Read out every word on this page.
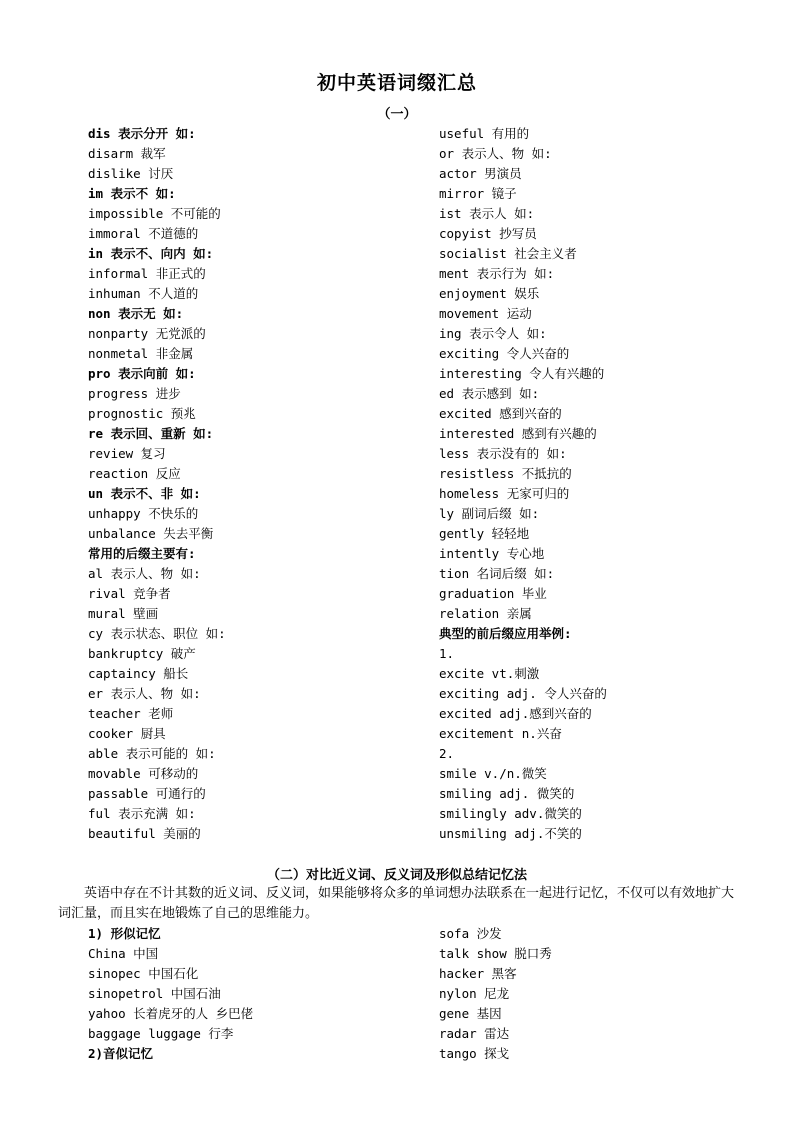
初中英语词缀汇总
（一）
dis 表示分开 如:
disarm 裁军
dislike 讨厌
im 表示不 如:
impossible 不可能的
immoral 不道德的
in 表示不、向内 如:
informal 非正式的
inhuman 不人道的
non 表示无 如:
nonparty 无党派的
nonmetal 非金属
pro 表示向前 如:
progress 进步
prognostic 预兆
re 表示回、重新 如:
review 复习
reaction 反应
un 表示不、非 如:
unhappy 不快乐的
unbalance 失去平衡
常用的后缀主要有:
al 表示人、物 如:
rival 竞争者
mural 壁画
cy 表示状态、职位 如:
bankruptcy 破产
captaincy 船长
er 表示人、物 如:
teacher 老师
cooker 厨具
able 表示可能的 如:
movable 可移动的
passable 可通行的
ful 表示充满 如:
beautiful 美丽的
useful 有用的
or 表示人、物 如:
actor 男演员
mirror 镜子
ist 表示人 如:
copyist 抄写员
socialist 社会主义者
ment 表示行为 如:
enjoyment 娱乐
movement 运动
ing 表示令人 如:
exciting 令人兴奋的
interesting 令人有兴趣的
ed 表示感到 如:
excited 感到兴奋的
interested 感到有兴趣的
less 表示没有的 如:
resistless 不抵抗的
homeless 无家可归的
ly 副词后缀 如:
gently 轻轻地
intently 专心地
tion 名词后缀 如:
graduation 毕业
relation 亲属
典型的前后缀应用举例:
1.
excite vt.刺激
exciting adj. 令人兴奋的
excited adj.感到兴奋的
excitement n.兴奋
2.
smile v./n.微笑
smiling adj. 微笑的
smilingly adv.微笑的
unsmiling adj.不笑的
（二）对比近义词、反义词及形似总结记忆法
英语中存在不计其数的近义词、反义词，如果能够将众多的单词想办法联系在一起进行记忆，不仅可以有效地扩大词汇量，而且实在地锻炼了自己的思维能力。
1) 形似记忆
China 中国
sinopec 中国石化
sinopetrol 中国石油
yahoo 长着虎牙的人 乡巴佬
baggage luggage 行李
2)音似记忆
sofa 沙发
talk show 脱口秀
hacker 黑客
nylon 尼龙
gene 基因
radar 雷达
tango 探戈
